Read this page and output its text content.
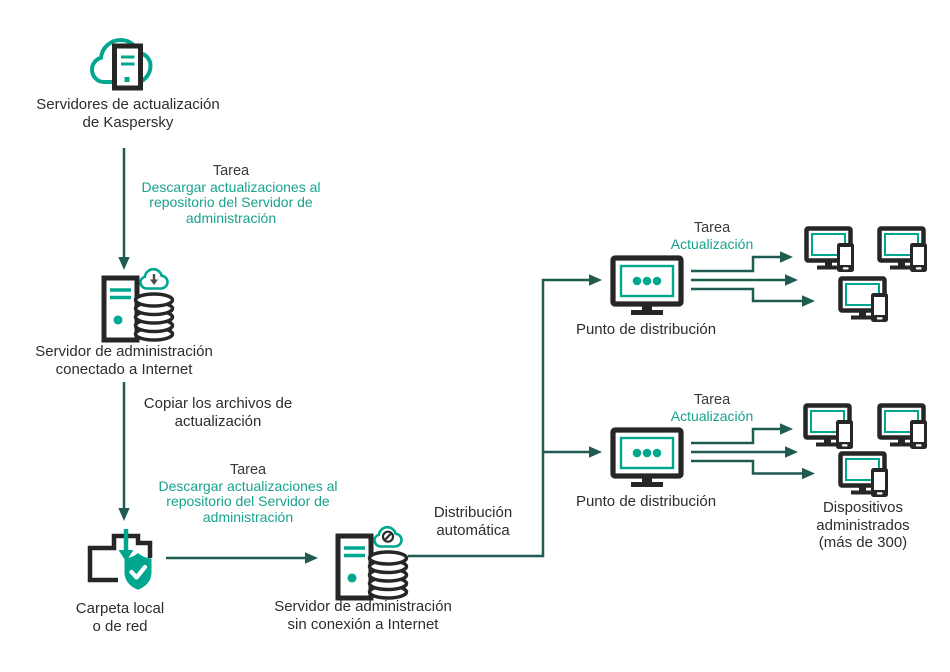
Servidores de actualización
de Kaspersky
Tarea
Descargar actualizaciones al
repositorio del Servidor de
administración
Servidor de administración
conectado a Internet
Copiar los archivos de
actualización
Tarea
Descargar actualizaciones al
repositorio del Servidor de
administración
Carpeta local
o de red
Servidor de administración
sin conexión a Internet
Distribución
automática
Punto de distribución
Tarea
Actualización
Punto de distribución
Tarea
Actualización
Dispositivos
administrados
(más de 300)
